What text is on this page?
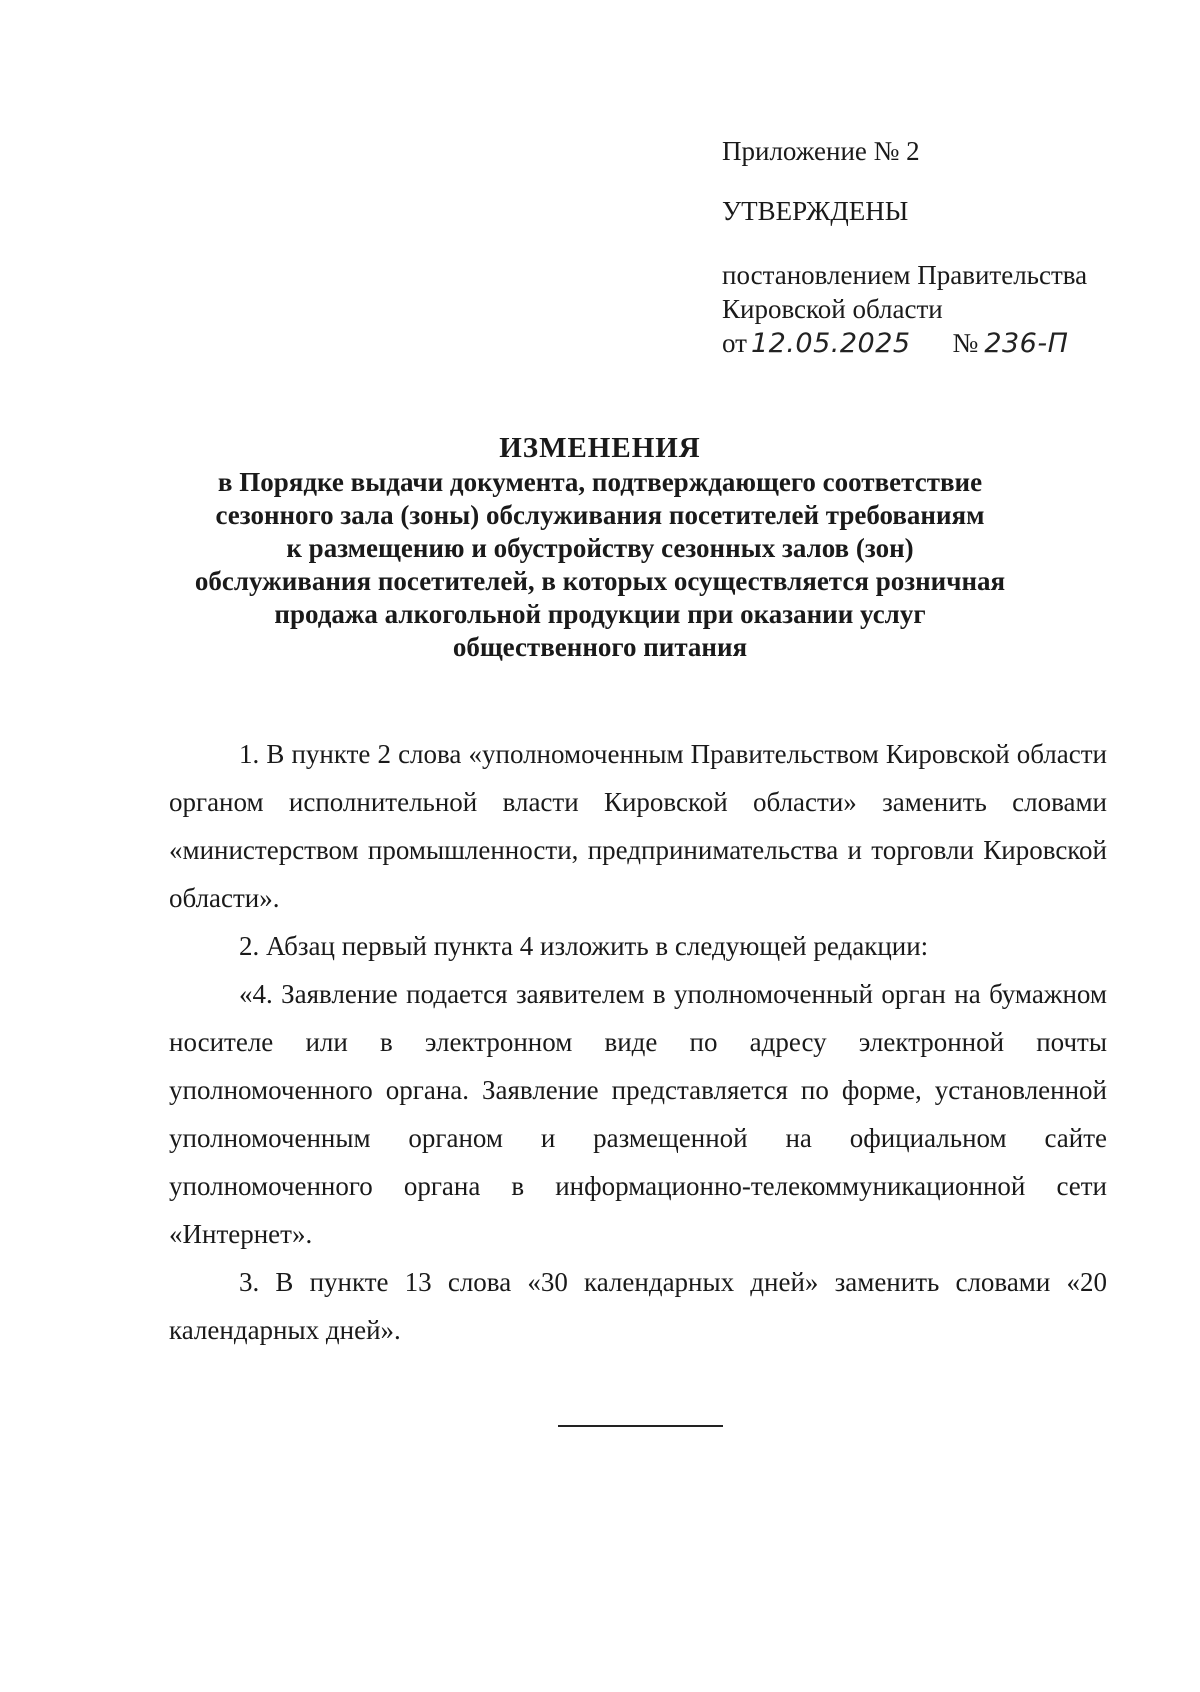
Приложение № 2
УТВЕРЖДЕНЫ
постановлением Правительства
Кировской области
от 12.05.2025 № 236-П
ИЗМЕНЕНИЯ
в Порядке выдачи документа, подтверждающего соответствие
сезонного зала (зоны) обслуживания посетителей требованиям
к размещению и обустройству сезонных залов (зон)
обслуживания посетителей, в которых осуществляется розничная
продажа алкогольной продукции при оказании услуг
общественного питания

1. В пункте 2 слова «уполномоченным Правительством Кировской области органом исполнительной власти Кировской области» заменить словами «министерством промышленности, предпринимательства и торговли Кировской области».

2. Абзац первый пункта 4 изложить в следующей редакции:

«4. Заявление подается заявителем в уполномоченный орган на бумажном носителе или в электронном виде по адресу электронной почты уполномоченного органа. Заявление представляется по форме, установленной уполномоченным органом и размещенной на официальном сайте уполномоченного органа в информационно-телекоммуникационной сети «Интернет».

3. В пункте 13 слова «30 календарных дней» заменить словами «20 календарных дней».
